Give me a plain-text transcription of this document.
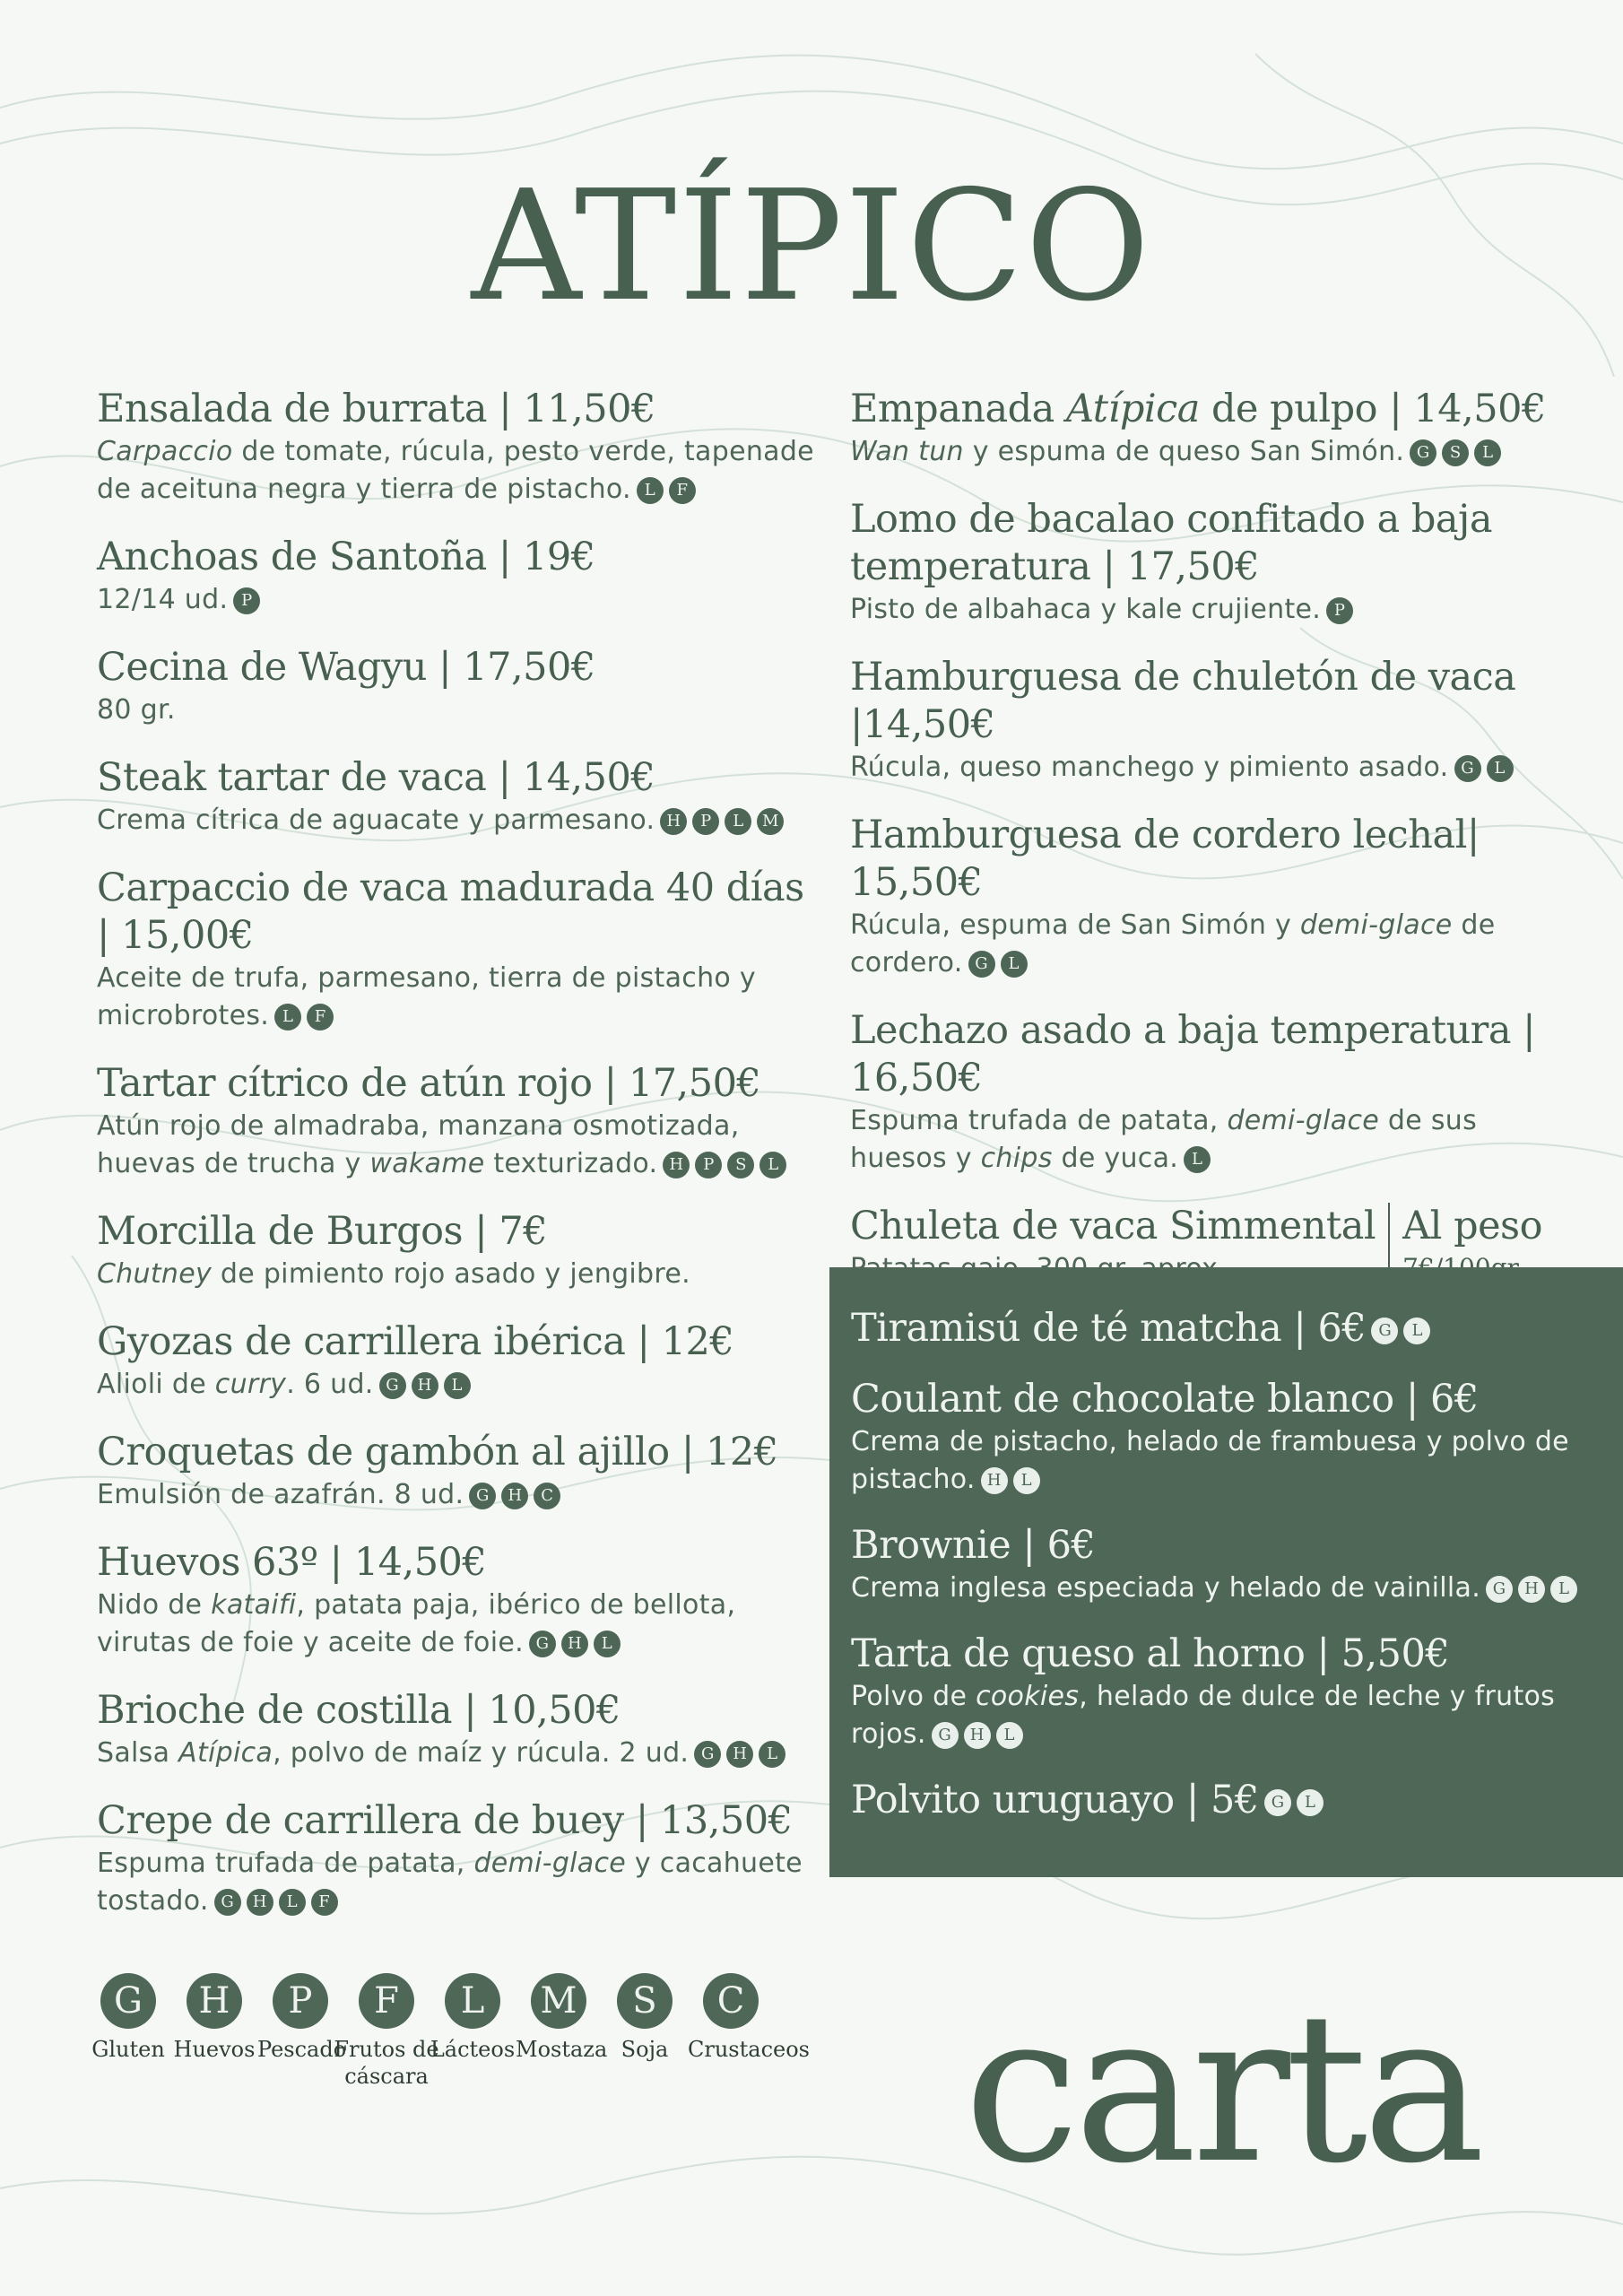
ATÍPICO
Ensalada de burrata | 11,50€
Carpaccio de tomate, rúcula, pesto verde, tapenade de aceituna negra y tierra de pistacho. L F
Anchoas de Santoña | 19€
12/14 ud. P
Cecina de Wagyu | 17,50€
80 gr.
Steak tartar de vaca | 14,50€
Crema cítrica de aguacate y parmesano. H P L M
Carpaccio de vaca madurada 40 días | 15,00€
Aceite de trufa, parmesano, tierra de pistacho y microbrotes. L F
Tartar cítrico de atún rojo | 17,50€
Atún rojo de almadraba, manzana osmotizada, huevas de trucha y wakame texturizado. H P S L
Morcilla de Burgos | 7€
Chutney de pimiento rojo asado y jengibre.
Gyozas de carrillera ibérica | 12€
Alioli de curry. 6 ud. G H L
Croquetas de gambón al ajillo | 12€
Emulsión de azafrán. 8 ud. G H C
Huevos 63º | 14,50€
Nido de kataifi, patata paja, ibérico de bellota, virutas de foie y aceite de foie. G H L
Brioche de costilla | 10,50€
Salsa Atípica, polvo de maíz y rúcula. 2 ud. G H L
Crepe de carrillera de buey | 13,50€
Espuma trufada de patata, demi-glace y cacahuete tostado. G H L F
Empanada Atípica de pulpo | 14,50€
Wan tun y espuma de queso San Simón. G S L
Lomo de bacalao confitado a baja temperatura | 17,50€
Pisto de albahaca y kale crujiente. P
Hamburguesa de chuletón de vaca |14,50€
Rúcula, queso manchego y pimiento asado. G L
Hamburguesa de cordero lechal| 15,50€
Rúcula, espuma de San Simón y demi-glace de cordero. G L
Lechazo asado a baja temperatura | 16,50€
Espuma trufada de patata, demi-glace de sus huesos y chips de yuca. L
Chuleta de vaca Simmental Al peso
Tiramisú de té matcha | 6€ G L
Coulant de chocolate blanco | 6€
Crema de pistacho, helado de frambuesa y polvo de pistacho. H L
Brownie | 6€
Crema inglesa especiada y helado de vainilla. G H L
Tarta de queso al horno | 5,50€
Polvo de cookies, helado de dulce de leche y frutos rojos. G H L
Polvito uruguayo | 5€ G L
G
Gluten
H
Huevos
P
Pescado
F
Frutos de cáscara
L
Lácteos
M
Mostaza
S
Soja
C
Crustaceos carta
